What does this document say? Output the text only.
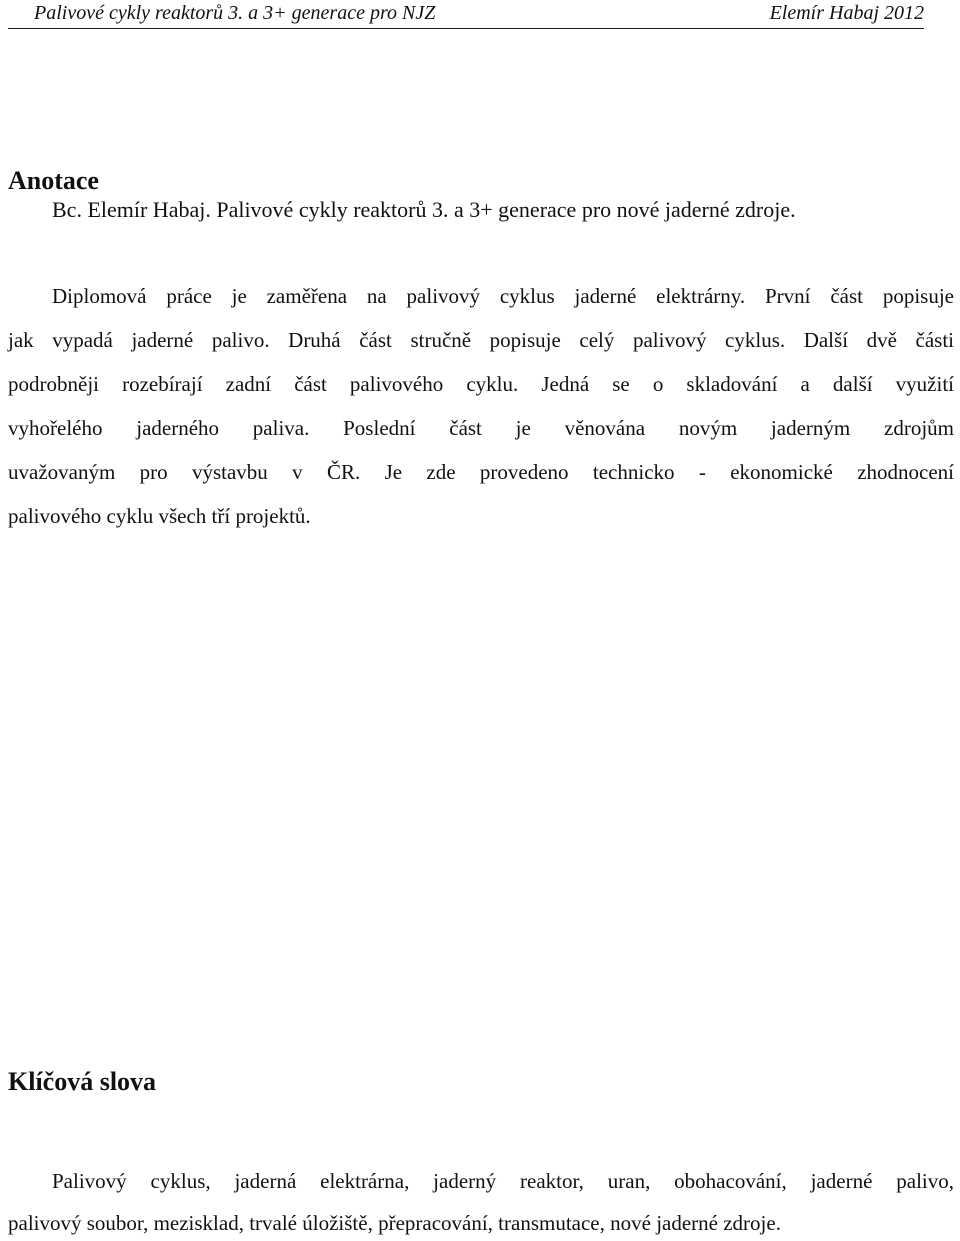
Palivové cykly reaktorů 3. a 3+ generace pro NJZ	Elemír Habaj 2012
Anotace
Bc. Elemír Habaj. Palivové cykly reaktorů 3. a 3+ generace pro nové jaderné zdroje.
Diplomová práce je zaměřena na palivový cyklus jaderné elektrárny. První část popisuje
jak vypadá jaderné palivo. Druhá část stručně popisuje celý palivový cyklus. Další dvě části
podrobněji rozebírají zadní část palivového cyklu. Jedná se o skladování a další využití
vyhořelého jaderného paliva. Poslední část je věnována novým jaderným zdrojům
uvažovaným pro výstavbu v ČR. Je zde provedeno technicko - ekonomické zhodnocení
palivového cyklu všech tří projektů.
Klíčová slova
Palivový cyklus, jaderná elektrárna, jaderný reaktor, uran, obohacování, jaderné palivo,
palivový soubor, mezisklad, trvalé úložiště, přepracování, transmutace, nové jaderné zdroje.
